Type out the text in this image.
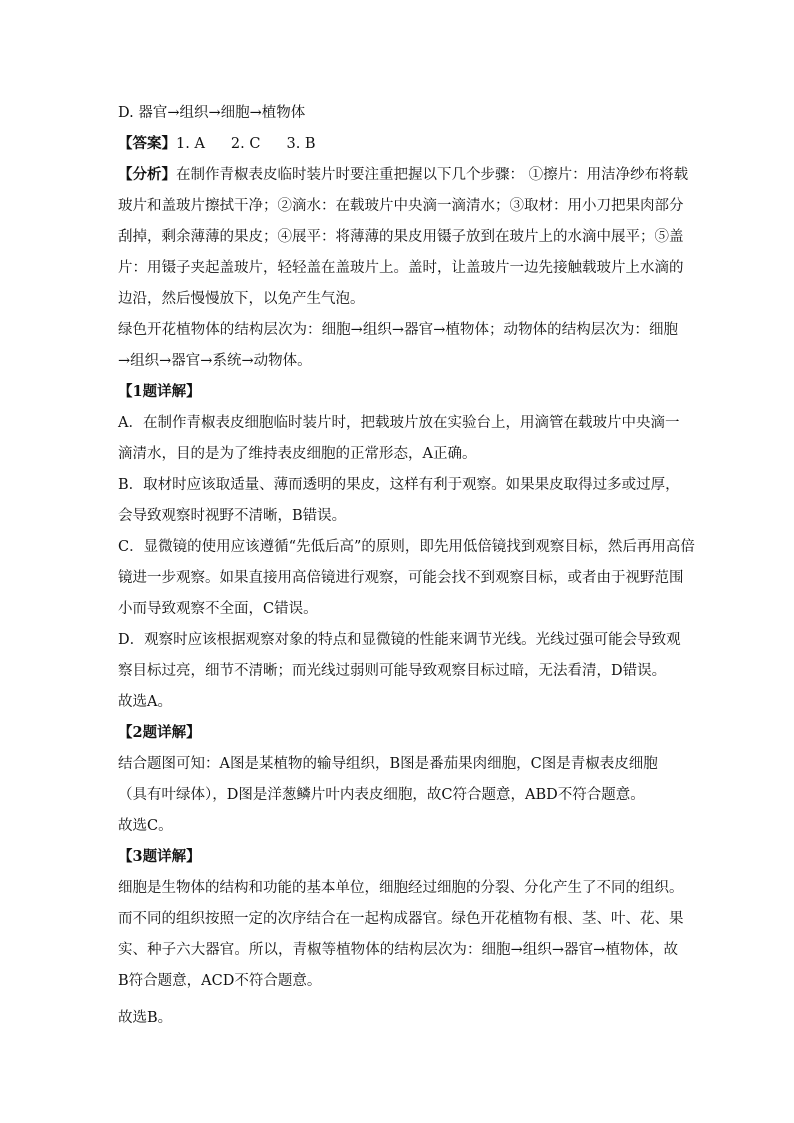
D. 器官→组织→细胞→植物体
【答案】1. A 2. C 3. B
【分析】在制作青椒表皮临时装片时要注重把握以下几个步骤： ①擦片：用洁净纱布将载
玻片和盖玻片擦拭干净；②滴水：在载玻片中央滴一滴清水；③取材：用小刀把果肉部分
刮掉，剩余薄薄的果皮；④展平：将薄薄的果皮用镊子放到在玻片上的水滴中展平；⑤盖
片：用镊子夹起盖玻片，轻轻盖在盖玻片上。盖时，让盖玻片一边先接触载玻片上水滴的
边沿，然后慢慢放下，以免产生气泡。
绿色开花植物体的结构层次为：细胞→组织→器官→植物体；动物体的结构层次为：细胞
→组织→器官→系统→动物体。
【1题详解】
A．在制作青椒表皮细胞临时装片时，把载玻片放在实验台上，用滴管在载玻片中央滴一
滴清水，目的是为了维持表皮细胞的正常形态，A正确。
B．取材时应该取适量、薄而透明的果皮，这样有利于观察。如果果皮取得过多或过厚，
会导致观察时视野不清晰，B错误。
C．显微镜的使用应该遵循“先低后高”的原则，即先用低倍镜找到观察目标，然后再用高倍
镜进一步观察。如果直接用高倍镜进行观察，可能会找不到观察目标，或者由于视野范围
小而导致观察不全面，C错误。
D．观察时应该根据观察对象的特点和显微镜的性能来调节光线。光线过强可能会导致观
察目标过亮，细节不清晰；而光线过弱则可能导致观察目标过暗，无法看清，D错误。
故选A。
【2题详解】
结合题图可知：A图是某植物的输导组织，B图是番茄果肉细胞，C图是青椒表皮细胞
（具有叶绿体），D图是洋葱鳞片叶内表皮细胞，故C符合题意，ABD不符合题意。
故选C。
【3题详解】
细胞是生物体的结构和功能的基本单位，细胞经过细胞的分裂、分化产生了不同的组织。
而不同的组织按照一定的次序结合在一起构成器官。绿色开花植物有根、茎、叶、花、果
实、种子六大器官。所以，青椒等植物体的结构层次为：细胞→组织→器官→植物体，故
B符合题意，ACD不符合题意。
故选B。
